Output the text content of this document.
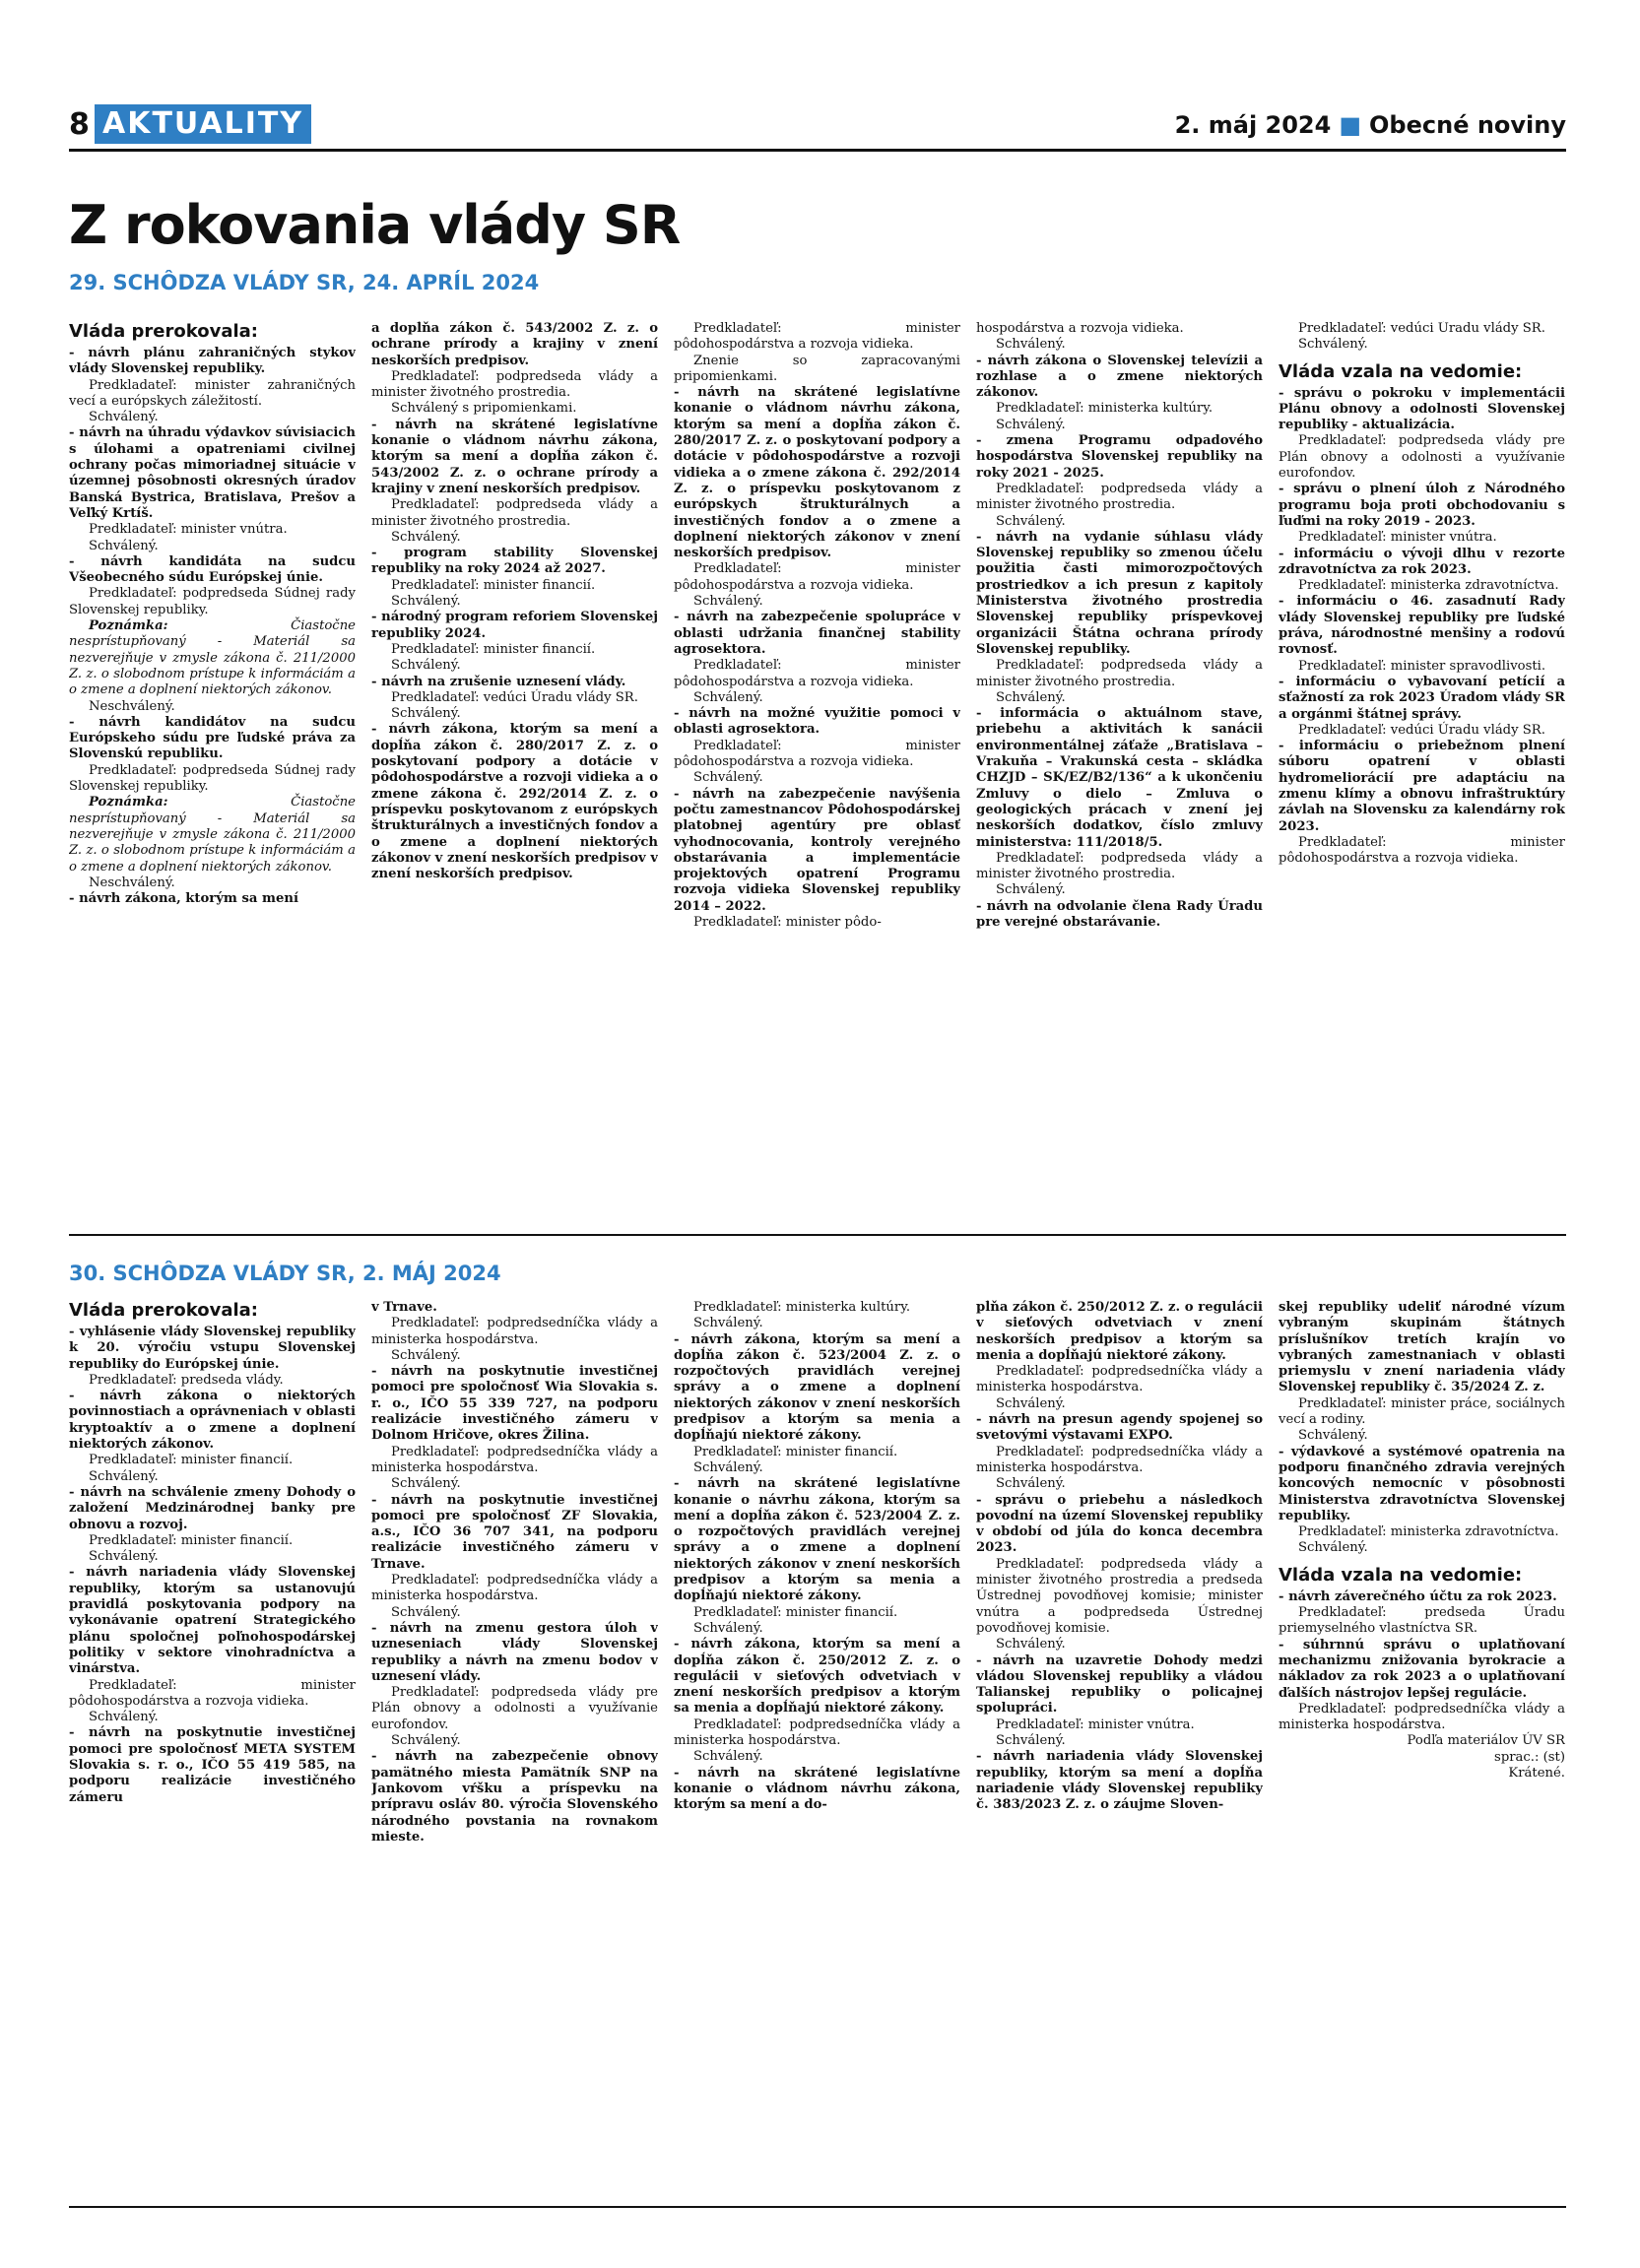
8 AKTUALITY	2. máj 2024 ■ Obecné noviny
Z rokovania vlády SR
29. SCHÔDZA VLÁDY SR, 24. APRÍL 2024
Vláda prerokovala:

- návrh plánu zahraničných stykov vlády Slovenskej republiky.

Predkladateľ: minister zahraničných vecí a európskych záležitostí.

Schválený.

- návrh na úhradu výdavkov súvisiacich s úlohami a opatreniami civilnej ochrany počas mimoriadnej situácie v územnej pôsobnosti okresných úradov Banská Bystrica, Bratislava, Prešov a Veľký Krtíš.

Predkladateľ: minister vnútra.

Schválený.

- návrh kandidáta na sudcu Všeobecného súdu Európskej únie.

Predkladateľ: podpredseda Súdnej rady Slovenskej republiky.

Poznámka: Čiastočne nesprístupňovaný - Materiál sa nezverejňuje v zmysle zákona č. 211/2000 Z. z. o slobodnom prístupe k informáciám a o zmene a doplnení niektorých zákonov.

Neschválený.

- návrh kandidátov na sudcu Európskeho súdu pre ľudské práva za Slovenskú republiku.

Predkladateľ: podpredseda Súdnej rady Slovenskej republiky.

Poznámka: Čiastočne nesprístupňovaný - Materiál sa nezverejňuje v zmysle zákona č. 211/2000 Z. z. o slobodnom prístupe k informáciám a o zmene a doplnení niektorých zákonov.

Neschválený.

- návrh zákona, ktorým sa mení

a dopĺňa zákon č. 543/2002 Z. z. o ochrane prírody a krajiny v znení neskorších predpisov.

Predkladateľ: podpredseda vlády a minister životného prostredia.

Schválený s pripomienkami.

- návrh na skrátené legislatívne konanie o vládnom návrhu zákona, ktorým sa mení a dopĺňa zákon č. 543/2002 Z. z. o ochrane prírody a krajiny v znení neskorších predpisov.

Predkladateľ: podpredseda vlády a minister životného prostredia.

Schválený.

- program stability Slovenskej republiky na roky 2024 až 2027.

Predkladateľ: minister financií.

Schválený.

- národný program reforiem Slovenskej republiky 2024.

Predkladateľ: minister financií.

Schválený.

- návrh na zrušenie uznesení vlády.

Predkladateľ: vedúci Úradu vlády SR.

Schválený.

- návrh zákona, ktorým sa mení a dopĺňa zákon č. 280/2017 Z. z. o poskytovaní podpory a dotácie v pôdohospodárstve a rozvoji vidieka a o zmene zákona č. 292/2014 Z. z. o príspevku poskytovanom z európskych štrukturálnych a investičných fondov a o zmene a doplnení niektorých zákonov v znení neskorších predpisov v znení neskorších predpisov.

Predkladateľ: minister pôdohospodárstva a rozvoja vidieka.

Znenie so zapracovanými pripomienkami.

- návrh na skrátené legislatívne konanie o vládnom návrhu zákona, ktorým sa mení a dopĺňa zákon č. 280/2017 Z. z. o poskytovaní podpory a dotácie v pôdohospodárstve a rozvoji vidieka a o zmene zákona č. 292/2014 Z. z. o príspevku poskytovanom z európskych štrukturálnych a investičných fondov a o zmene a doplnení niektorých zákonov v znení neskorších predpisov.

Predkladateľ: minister pôdohospodárstva a rozvoja vidieka.

Schválený.

- návrh na zabezpečenie spolupráce v oblasti udržania finančnej stability agrosektora.

Predkladateľ: minister pôdohospodárstva a rozvoja vidieka.

Schválený.

- návrh na možné využitie pomoci v oblasti agrosektora.

Predkladateľ: minister pôdohospodárstva a rozvoja vidieka.

Schválený.

- návrh na zabezpečenie navýšenia počtu zamestnancov Pôdohospodárskej platobnej agentúry pre oblasť vyhodnocovania, kontroly verejného obstarávania a implementácie projektových opatrení Programu rozvoja vidieka Slovenskej republiky 2014 – 2022.

Predkladateľ: minister pôdo-

hospodárstva a rozvoja vidieka.

Schválený.

- návrh zákona o Slovenskej televízii a rozhlase a o zmene niektorých zákonov.

Predkladateľ: ministerka kultúry.

Schválený.

- zmena Programu odpadového hospodárstva Slovenskej republiky na roky 2021 - 2025.

Predkladateľ: podpredseda vlády a minister životného prostredia.

Schválený.

- návrh na vydanie súhlasu vlády Slovenskej republiky so zmenou účelu použitia časti mimorozpočtových prostriedkov a ich presun z kapitoly Ministerstva životného prostredia Slovenskej republiky príspevkovej organizácii Štátna ochrana prírody Slovenskej republiky.

Predkladateľ: podpredseda vlády a minister životného prostredia.

Schválený.

- informácia o aktuálnom stave, priebehu a aktivitách k sanácii environmentálnej záťaže „Bratislava – Vrakuňa – Vrakunská cesta – skládka CHZJD – SK/EZ/B2/136“ a k ukončeniu Zmluvy o dielo – Zmluva o geologických prácach v znení jej neskorších dodatkov, číslo zmluvy ministerstva: 111/2018/5.

Predkladateľ: podpredseda vlády a minister životného prostredia.

Schválený.

- návrh na odvolanie člena Rady Úradu pre verejné obstarávanie.

Predkladateľ: vedúci Úradu vlády SR.

Schválený.

Vláda vzala na vedomie:

- správu o pokroku v implementácii Plánu obnovy a odolnosti Slovenskej republiky - aktualizácia.

Predkladateľ: podpredseda vlády pre Plán obnovy a odolnosti a využívanie eurofondov.

- správu o plnení úloh z Národného programu boja proti obchodovaniu s ľuďmi na roky 2019 - 2023.

Predkladateľ: minister vnútra.

- informáciu o vývoji dlhu v rezorte zdravotníctva za rok 2023.

Predkladateľ: ministerka zdravotníctva.

- informáciu o 46. zasadnutí Rady vlády Slovenskej republiky pre ľudské práva, národnostné menšiny a rodovú rovnosť.

Predkladateľ: minister spravodlivosti.

- informáciu o vybavovaní petícií a sťažností za rok 2023 Úradom vlády SR a orgánmi štátnej správy.

Predkladateľ: vedúci Úradu vlády SR.

- informáciu o priebežnom plnení súboru opatrení v oblasti hydromeliorácií pre adaptáciu na zmenu klímy a obnovu infraštruktúry závlah na Slovensku za kalendárny rok 2023.

Predkladateľ: minister pôdohospodárstva a rozvoja vidieka.

30. SCHÔDZA VLÁDY SR, 2. MÁJ 2024
Vláda prerokovala:

- vyhlásenie vlády Slovenskej republiky k 20. výročiu vstupu Slovenskej republiky do Európskej únie.

Predkladateľ: predseda vlády.

- návrh zákona o niektorých povinnostiach a oprávneniach v oblasti kryptoaktív a o zmene a doplnení niektorých zákonov.

Predkladateľ: minister financií.

Schválený.

- návrh na schválenie zmeny Dohody o založení Medzinárodnej banky pre obnovu a rozvoj.

Predkladateľ: minister financií.

Schválený.

- návrh nariadenia vlády Slovenskej republiky, ktorým sa ustanovujú pravidlá poskytovania podpory na vykonávanie opatrení Strategického plánu spoločnej poľnohospodárskej politiky v sektore vinohradníctva a vinárstva.

Predkladateľ: minister pôdohospodárstva a rozvoja vidieka.

Schválený.

- návrh na poskytnutie investičnej pomoci pre spoločnosť META SYSTEM Slovakia s. r. o., IČO 55 419 585, na podporu realizácie investičného zámeru

v Trnave.

Predkladateľ: podpredsedníčka vlády a ministerka hospodárstva.

Schválený.

- návrh na poskytnutie investičnej pomoci pre spoločnosť Wia Slovakia s. r. o., IČO 55 339 727, na podporu realizácie investičného zámeru v Dolnom Hričove, okres Žilina.

Predkladateľ: podpredsedníčka vlády a ministerka hospodárstva.

Schválený.

- návrh na poskytnutie investičnej pomoci pre spoločnosť ZF Slovakia, a.s., IČO 36 707 341, na podporu realizácie investičného zámeru v Trnave.

Predkladateľ: podpredsedníčka vlády a ministerka hospodárstva.

Schválený.

- návrh na zmenu gestora úloh v uzneseniach vlády Slovenskej republiky a návrh na zmenu bodov v uznesení vlády.

Predkladateľ: podpredseda vlády pre Plán obnovy a odolnosti a využívanie eurofondov.

Schválený.

- návrh na zabezpečenie obnovy pamätného miesta Pamätník SNP na Jankovom vŕšku a príspevku na prípravu osláv 80. výročia Slovenského národného povstania na rovnakom mieste.

Predkladateľ: ministerka kultúry.

Schválený.

- návrh zákona, ktorým sa mení a dopĺňa zákon č. 523/2004 Z. z. o rozpočtových pravidlách verejnej správy a o zmene a doplnení niektorých zákonov v znení neskorších predpisov a ktorým sa menia a dopĺňajú niektoré zákony.

Predkladateľ: minister financií.

Schválený.

- návrh na skrátené legislatívne konanie o návrhu zákona, ktorým sa mení a dopĺňa zákon č. 523/2004 Z. z. o rozpočtových pravidlách verejnej správy a o zmene a doplnení niektorých zákonov v znení neskorších predpisov a ktorým sa menia a dopĺňajú niektoré zákony.

Predkladateľ: minister financií.

Schválený.

- návrh zákona, ktorým sa mení a dopĺňa zákon č. 250/2012 Z. z. o regulácii v sieťových odvetviach v znení neskorších predpisov a ktorým sa menia a dopĺňajú niektoré zákony.

Predkladateľ: podpredsedníčka vlády a ministerka hospodárstva.

Schválený.

- návrh na skrátené legislatívne konanie o vládnom návrhu zákona, ktorým sa mení a do-

pĺňa zákon č. 250/2012 Z. z. o regulácii v sieťových odvetviach v znení neskorších predpisov a ktorým sa menia a dopĺňajú niektoré zákony.

Predkladateľ: podpredsedníčka vlády a ministerka hospodárstva.

Schválený.

- návrh na presun agendy spojenej so svetovými výstavami EXPO.

Predkladateľ: podpredsedníčka vlády a ministerka hospodárstva.

Schválený.

- správu o priebehu a následkoch povodní na území Slovenskej republiky v období od júla do konca decembra 2023.

Predkladateľ: podpredseda vlády a minister životného prostredia a predseda Ústrednej povodňovej komisie; minister vnútra a podpredseda Ústrednej povodňovej komisie.

Schválený.

- návrh na uzavretie Dohody medzi vládou Slovenskej republiky a vládou Talianskej republiky o policajnej spolupráci.

Predkladateľ: minister vnútra.

Schválený.

- návrh nariadenia vlády Slovenskej republiky, ktorým sa mení a dopĺňa nariadenie vlády Slovenskej republiky č. 383/2023 Z. z. o záujme Sloven-

skej republiky udeliť národné vízum vybraným skupinám štátnych príslušníkov tretích krajín vo vybraných zamestnaniach v oblasti priemyslu v znení nariadenia vlády Slovenskej republiky č. 35/2024 Z. z.

Predkladateľ: minister práce, sociálnych vecí a rodiny.

Schválený.

- výdavkové a systémové opatrenia na podporu finančného zdravia verejných koncových nemocníc v pôsobnosti Ministerstva zdravotníctva Slovenskej republiky.

Predkladateľ: ministerka zdravotníctva.

Schválený.

Vláda vzala na vedomie:

- návrh záverečného účtu za rok 2023.

Predkladateľ: predseda Úradu priemyselného vlastníctva SR.

- súhrnnú správu o uplatňovaní mechanizmu znižovania byrokracie a nákladov za rok 2023 a o uplatňovaní ďalších nástrojov lepšej regulácie.

Predkladateľ: podpredsedníčka vlády a ministerka hospodárstva.

Podľa materiálov ÚV SR

sprac.: (st)

Krátené.
